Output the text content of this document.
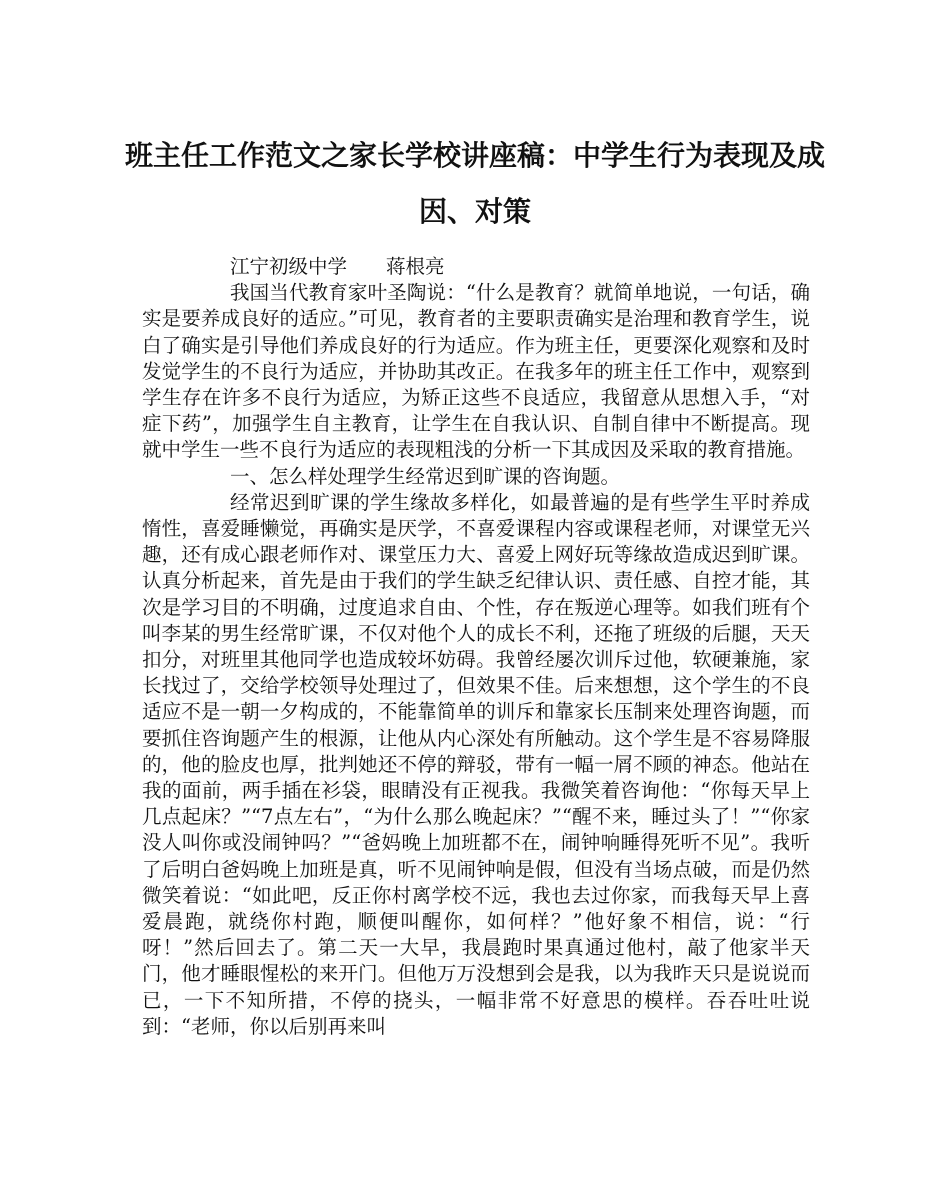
班主任工作范文之家长学校讲座稿：中学生行为表现及成因、对策

江宁初级中学　　蒋根亮

我国当代教育家叶圣陶说：“什么是教育？就简单地说，一句话，确实是要养成良好的适应。”可见，教育者的主要职责确实是治理和教育学生，说白了确实是引导他们养成良好的行为适应。作为班主任，更要深化观察和及时发觉学生的不良行为适应，并协助其改正。在我多年的班主任工作中，观察到学生存在许多不良行为适应，为矫正这些不良适应，我留意从思想入手，“对症下药”，加强学生自主教育，让学生在自我认识、自制自律中不断提高。现就中学生一些不良行为适应的表现粗浅的分析一下其成因及采取的教育措施。

一、怎么样处理学生经常迟到旷课的咨询题。

经常迟到旷课的学生缘故多样化，如最普遍的是有些学生平时养成惰性，喜爱睡懒觉，再确实是厌学，不喜爱课程内容或课程老师，对课堂无兴趣，还有成心跟老师作对、课堂压力大、喜爱上网好玩等缘故造成迟到旷课。认真分析起来，首先是由于我们的学生缺乏纪律认识、责任感、自控才能，其次是学习目的不明确，过度追求自由、个性，存在叛逆心理等。如我们班有个叫李某的男生经常旷课，不仅对他个人的成长不利，还拖了班级的后腿，天天扣分，对班里其他同学也造成较坏妨碍。我曾经屡次训斥过他，软硬兼施，家长找过了，交给学校领导处理过了，但效果不佳。后来想想，这个学生的不良适应不是一朝一夕构成的，不能靠简单的训斥和靠家长压制来处理咨询题，而要抓住咨询题产生的根源，让他从内心深处有所触动。这个学生是不容易降服的，他的脸皮也厚，批判她还不停的辩驳，带有一幅一屑不顾的神态。他站在我的面前，两手插在衫袋，眼睛没有正视我。我微笑着咨询他：“你每天早上几点起床？”“7点左右”，“为什么那么晚起床？”“醒不来，睡过头了！”“你家没人叫你或没闹钟吗？”“爸妈晚上加班都不在，闹钟响睡得死听不见”。我听了后明白爸妈晚上加班是真，听不见闹钟响是假，但没有当场点破，而是仍然微笑着说：“如此吧，反正你村离学校不远，我也去过你家，而我每天早上喜爱晨跑，就绕你村跑，顺便叫醒你，如何样？”他好象不相信，说：“行呀！”然后回去了。第二天一大早，我晨跑时果真通过他村，敲了他家半天门，他才睡眼惺松的来开门。但他万万没想到会是我，以为我昨天只是说说而已，一下不知所措，不停的挠头，一幅非常不好意思的模样。吞吞吐吐说到：“老师，你以后别再来叫
